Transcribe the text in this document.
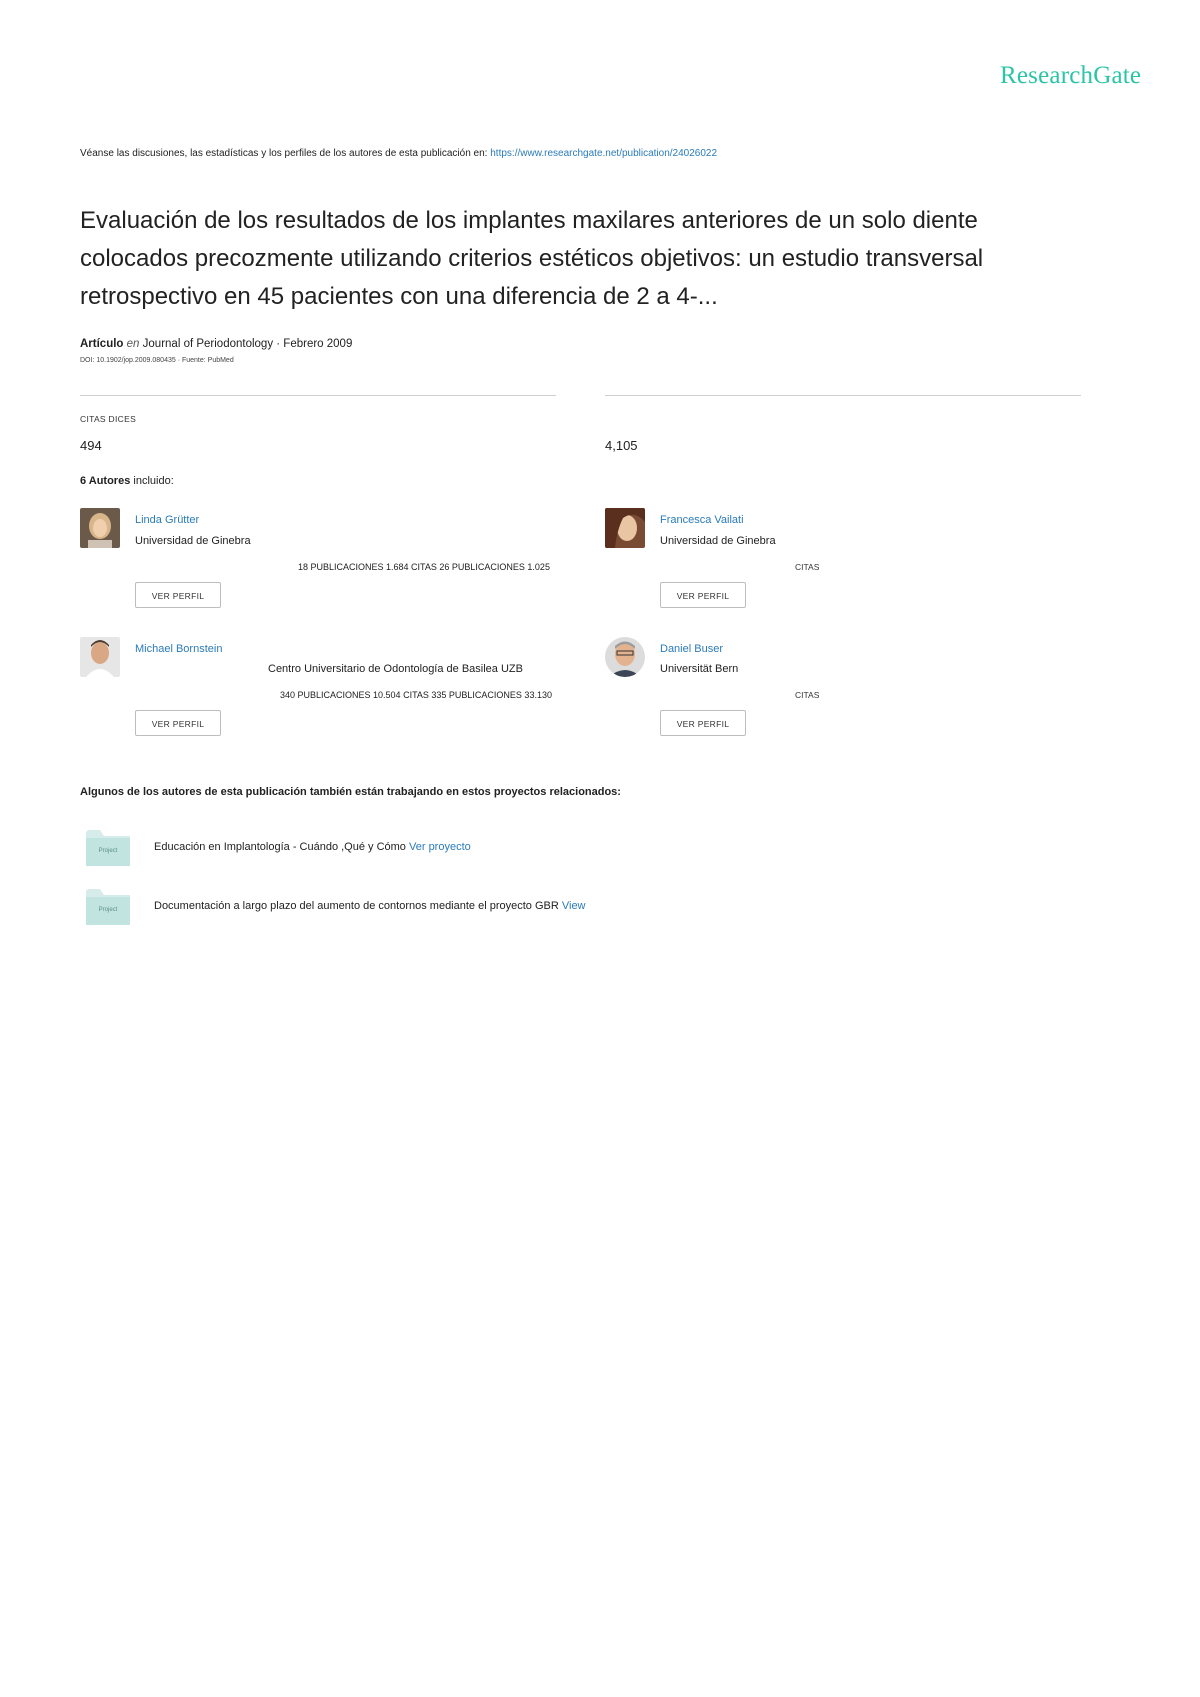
ResearchGate
Véanse las discusiones, las estadísticas y los perfiles de los autores de esta publicación en: https://www.researchgate.net/publication/24026022
Evaluación de los resultados de los implantes maxilares anteriores de un solo diente colocados precozmente utilizando criterios estéticos objetivos: un estudio transversal retrospectivo en 45 pacientes con una diferencia de 2 a 4-...
Artículo en Journal of Periodontology · Febrero 2009
DOI: 10.1902/jop.2009.080435 · Fuente: PubMed
CITAS DICES
494	4,105
6 Autores incluido:
Linda Grütter
Universidad de Ginebra
18 PUBLICACIONES 1.684 CITAS 26 PUBLICACIONES 1.025
VER PERFIL
Francesca Vailati
Universidad de Ginebra
CITAS
VER PERFIL
Michael Bornstein
Centro Universitario de Odontología de Basilea UZB
340 PUBLICACIONES 10.504 CITAS 335 PUBLICACIONES 33.130
VER PERFIL
Daniel Buser
Universität Bern
CITAS
VER PERFIL
Algunos de los autores de esta publicación también están trabajando en estos proyectos relacionados:
Project	Educación en Implantología - Cuándo ,Qué y Cómo Ver proyecto
Project	Documentación a largo plazo del aumento de contornos mediante el proyecto GBR View
